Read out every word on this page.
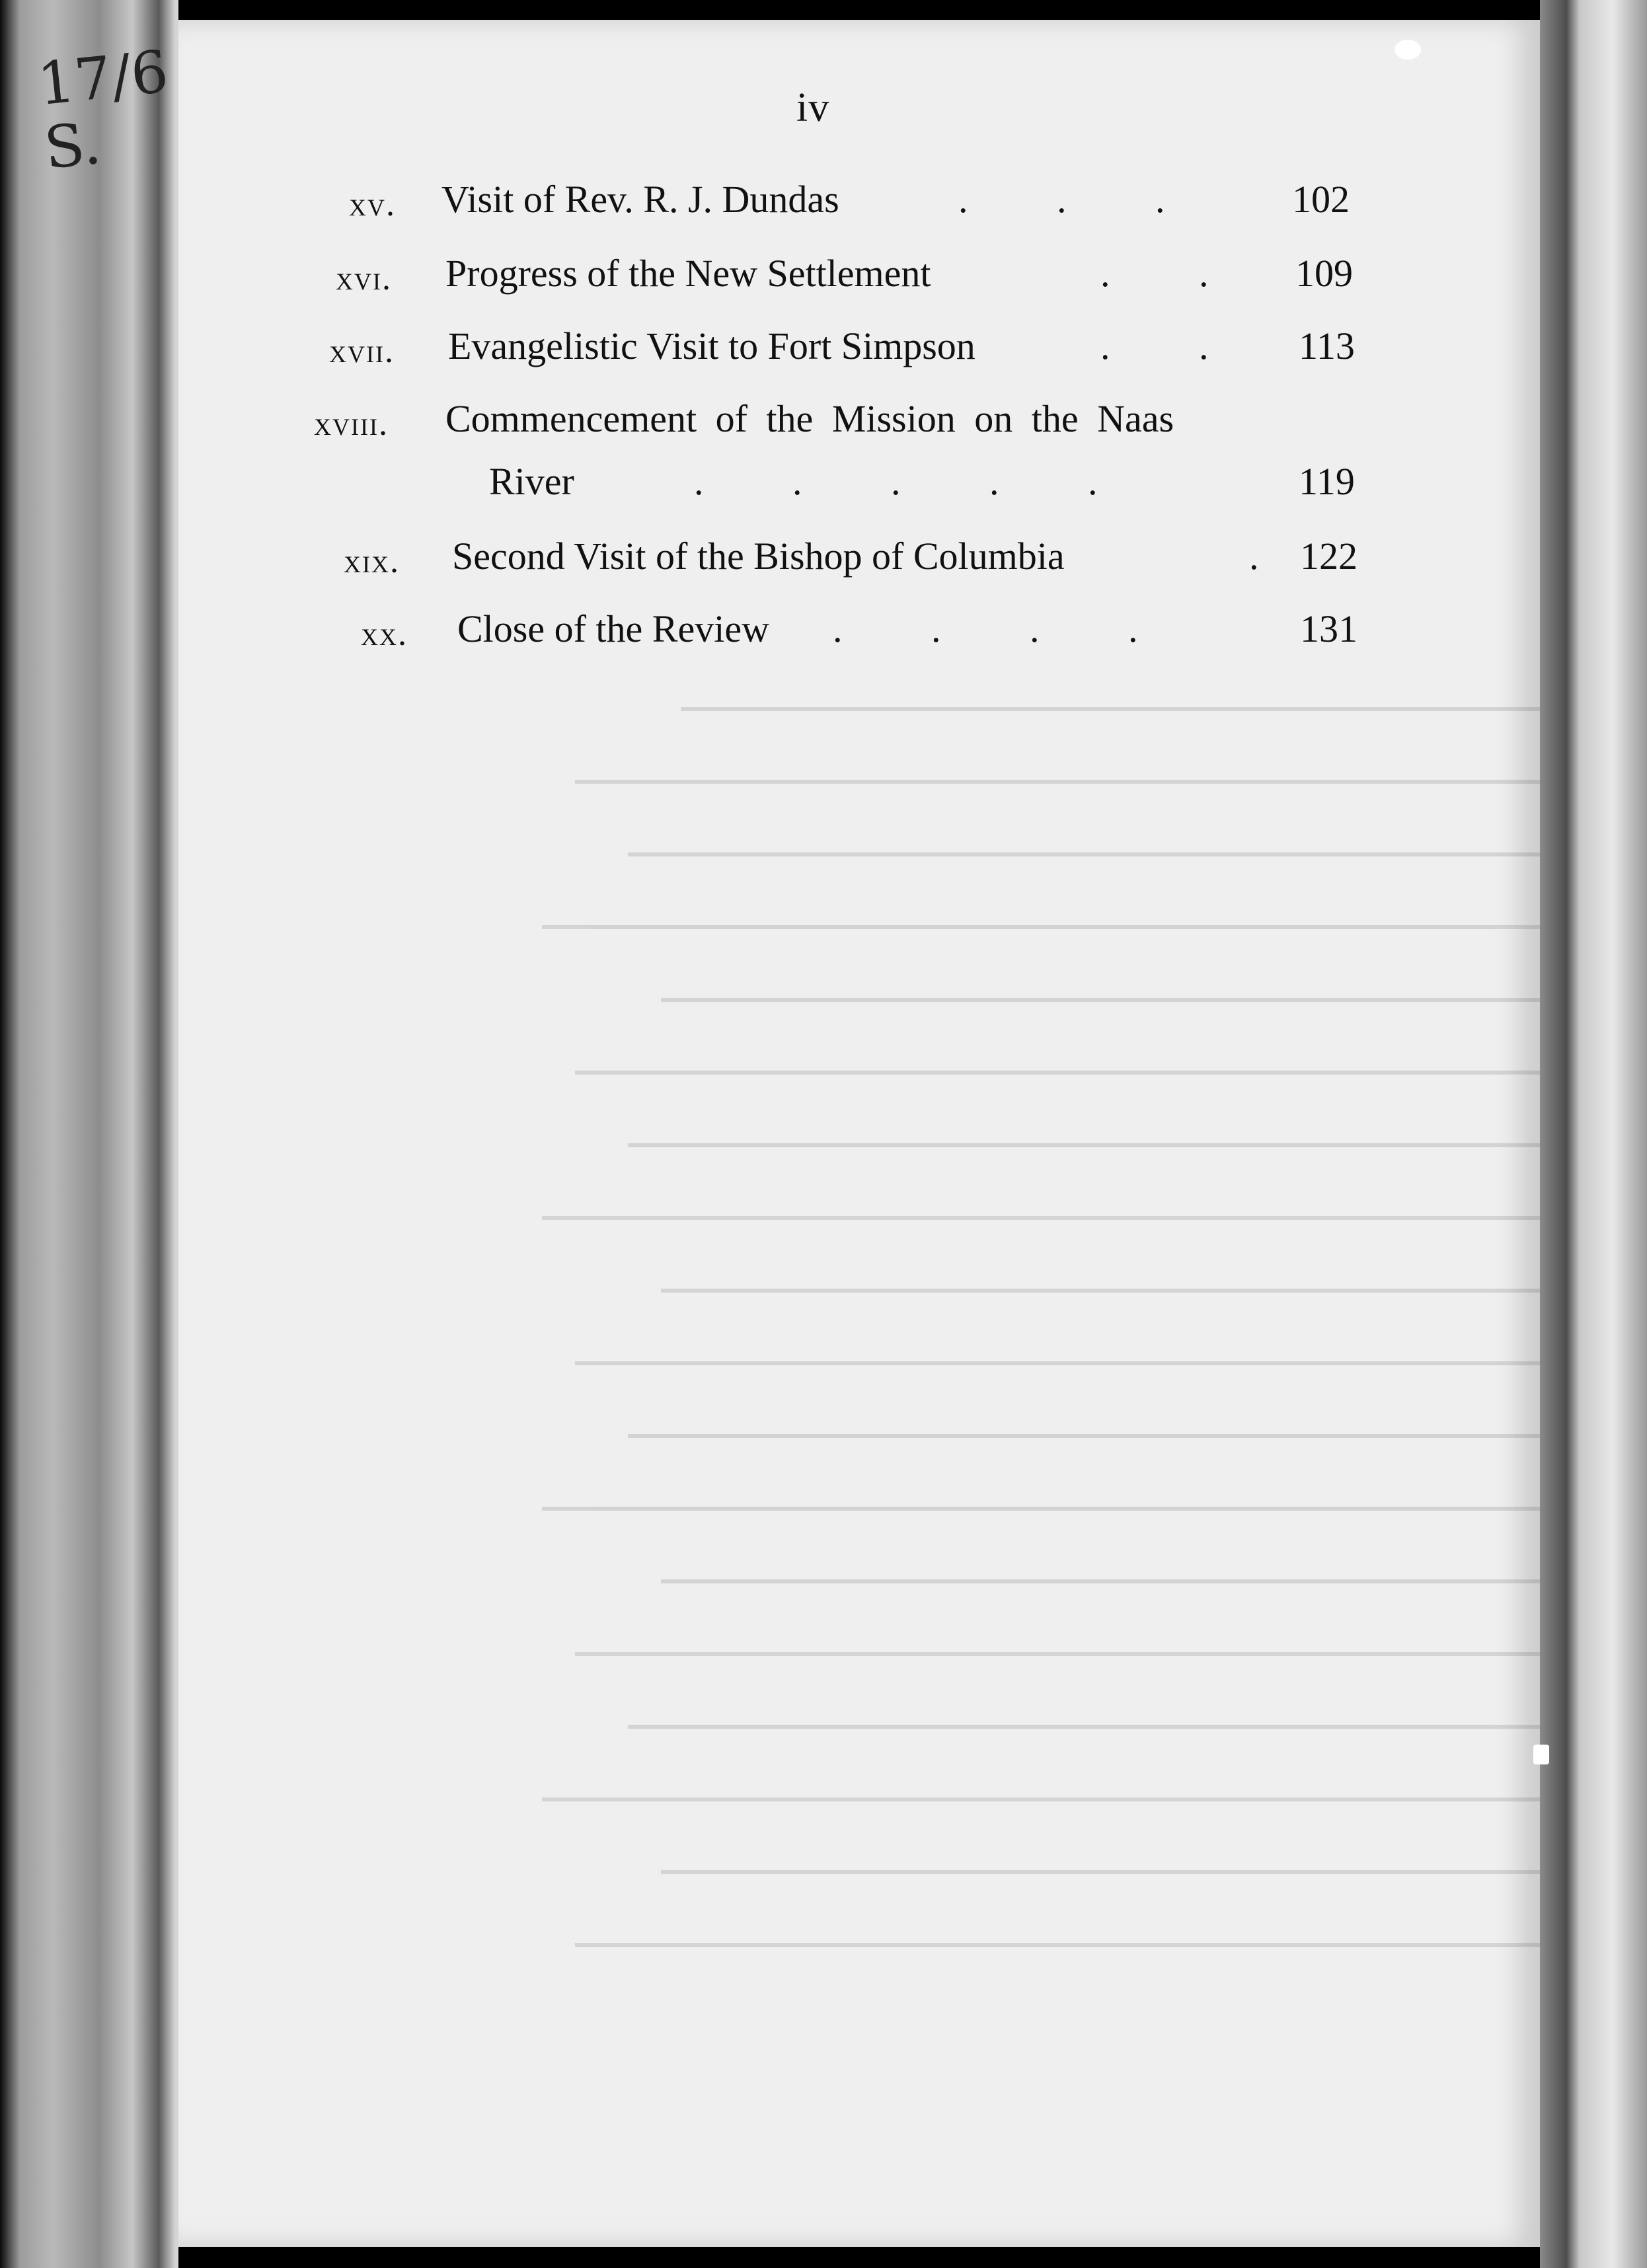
17/6
S.
iv
xv. Visit of Rev. R. J. Dundas	. . . 102
xvi. Progress of the New Settlement	. . 109
xvii. Evangelistic Visit to Fort Simpson	. . 113
xviii. Commencement of the Mission on the Naas
River	. . . . .	119
xix. Second Visit of the Bishop of Columbia	. 122
xx. Close of the Review . . . .	131
